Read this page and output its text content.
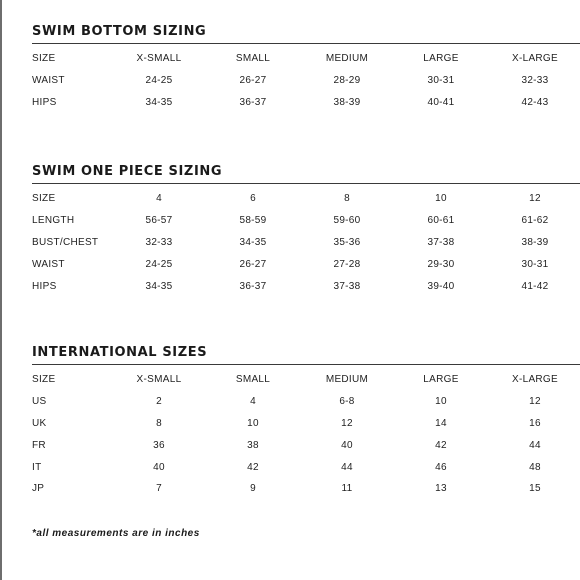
SWIM BOTTOM SIZING
SIZE	X-SMALL	SMALL	MEDIUM	LARGE	X-LARGE
WAIST	24-25	26-27	28-29	30-31	32-33
HIPS	34-35	36-37	38-39	40-41	42-43
SWIM ONE PIECE SIZING
SIZE	4	6	8	10	12
LENGTH	56-57	58-59	59-60	60-61	61-62
BUST/CHEST	32-33	34-35	35-36	37-38	38-39
WAIST	24-25	26-27	27-28	29-30	30-31
HIPS	34-35	36-37	37-38	39-40	41-42
INTERNATIONAL SIZES
SIZE	X-SMALL	SMALL	MEDIUM	LARGE	X-LARGE
US	2	4	6-8	10	12
UK	8	10	12	14	16
FR	36	38	40	42	44
IT	40	42	44	46	48
JP	7	9	11	13	15
*all measurements are in inches
